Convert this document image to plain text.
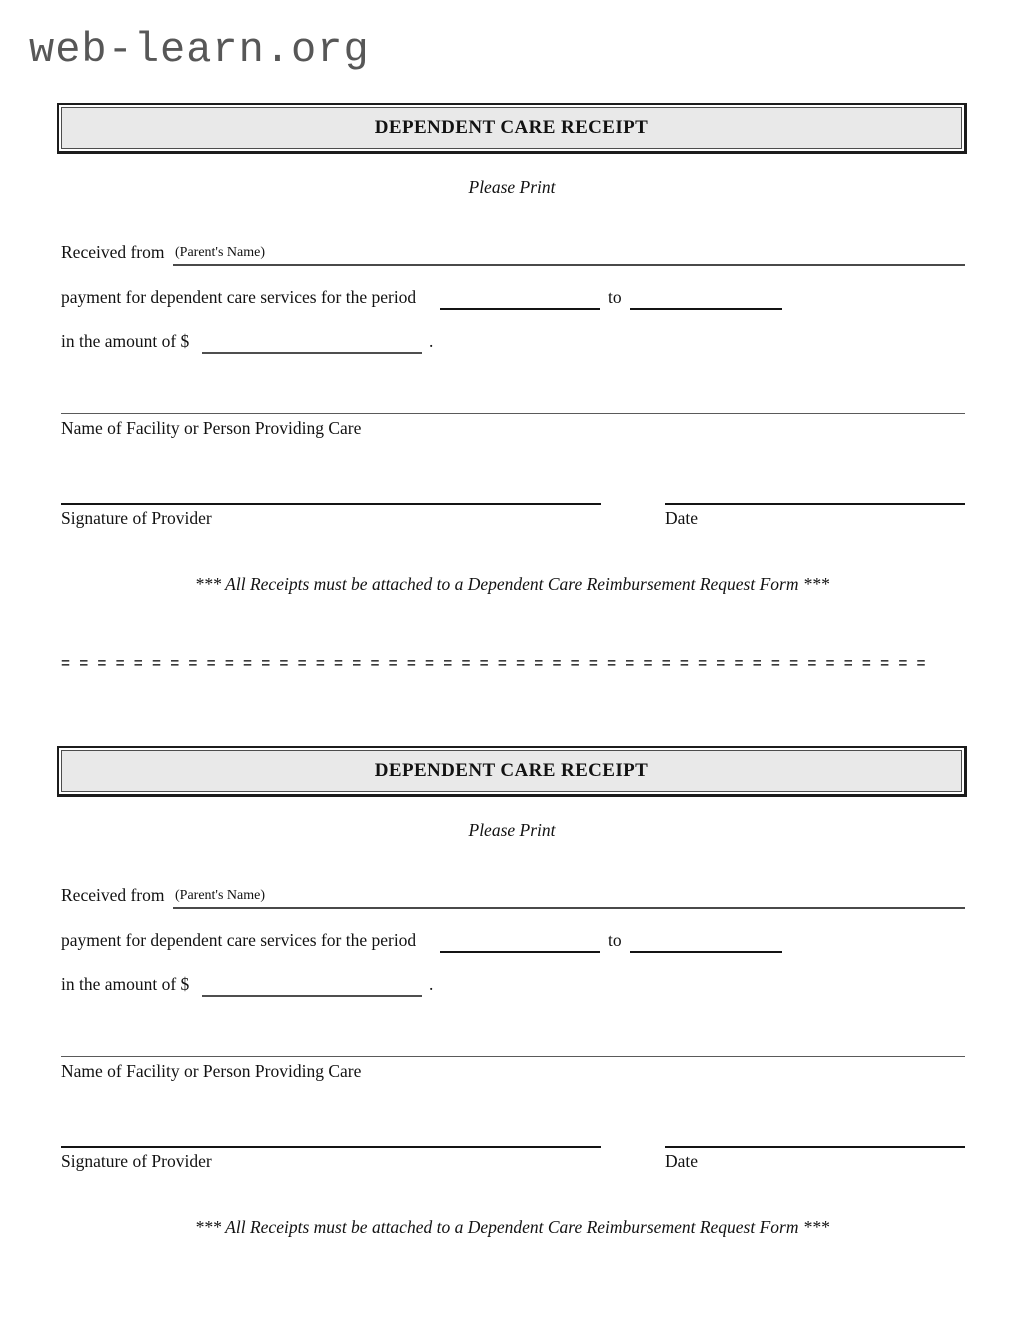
web-learn.org
DEPENDENT CARE RECEIPT
Please Print
Received from (Parent's Name)
payment for dependent care services for the period	to
in the amount of $	.
Name of Facility or Person Providing Care
Signature of Provider	Date
*** All Receipts must be attached to a Dependent Care Reimbursement Request Form ***
= = = = = = = = = = = = = = = = = = = = = = = = = = = = = = = = = = = = = = = = = = = = = = = =
DEPENDENT CARE RECEIPT
Please Print
Received from (Parent's Name)
payment for dependent care services for the period	to
in the amount of $	.
Name of Facility or Person Providing Care
Signature of Provider	Date
*** All Receipts must be attached to a Dependent Care Reimbursement Request Form ***
